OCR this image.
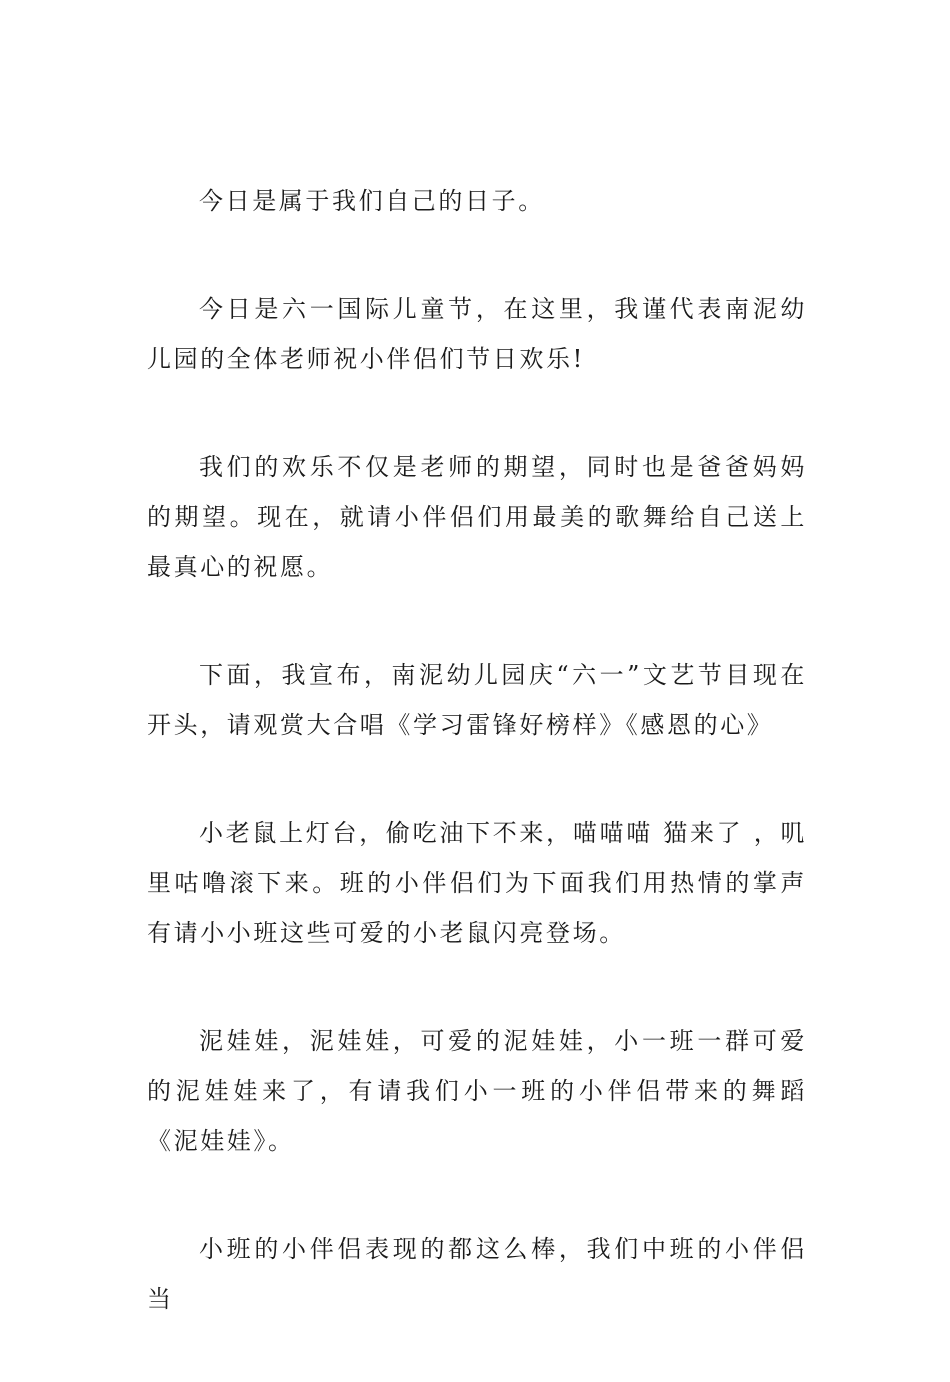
今日是属于我们自己的日子。

今日是六一国际儿童节，在这里，我谨代表南泥幼儿园的全体老师祝小伴侣们节日欢乐!

我们的欢乐不仅是老师的期望，同时也是爸爸妈妈的期望。现在，就请小伴侣们用最美的歌舞给自己送上最真心的祝愿。

下面，我宣布，南泥幼儿园庆“六一”文艺节目现在开头，请观赏大合唱《学习雷锋好榜样》《感恩的心》

小老鼠上灯台，偷吃油下不来，喵喵喵 猫来了 ，叽里咕噜滚下来。班的小伴侣们为下面我们用热情的掌声有请小小班这些可爱的小老鼠闪亮登场。

泥娃娃，泥娃娃，可爱的泥娃娃，小一班一群可爱的泥娃娃来了，有请我们小一班的小伴侣带来的舞蹈《泥娃娃》。

小班的小伴侣表现的都这么棒，我们中班的小伴侣当
